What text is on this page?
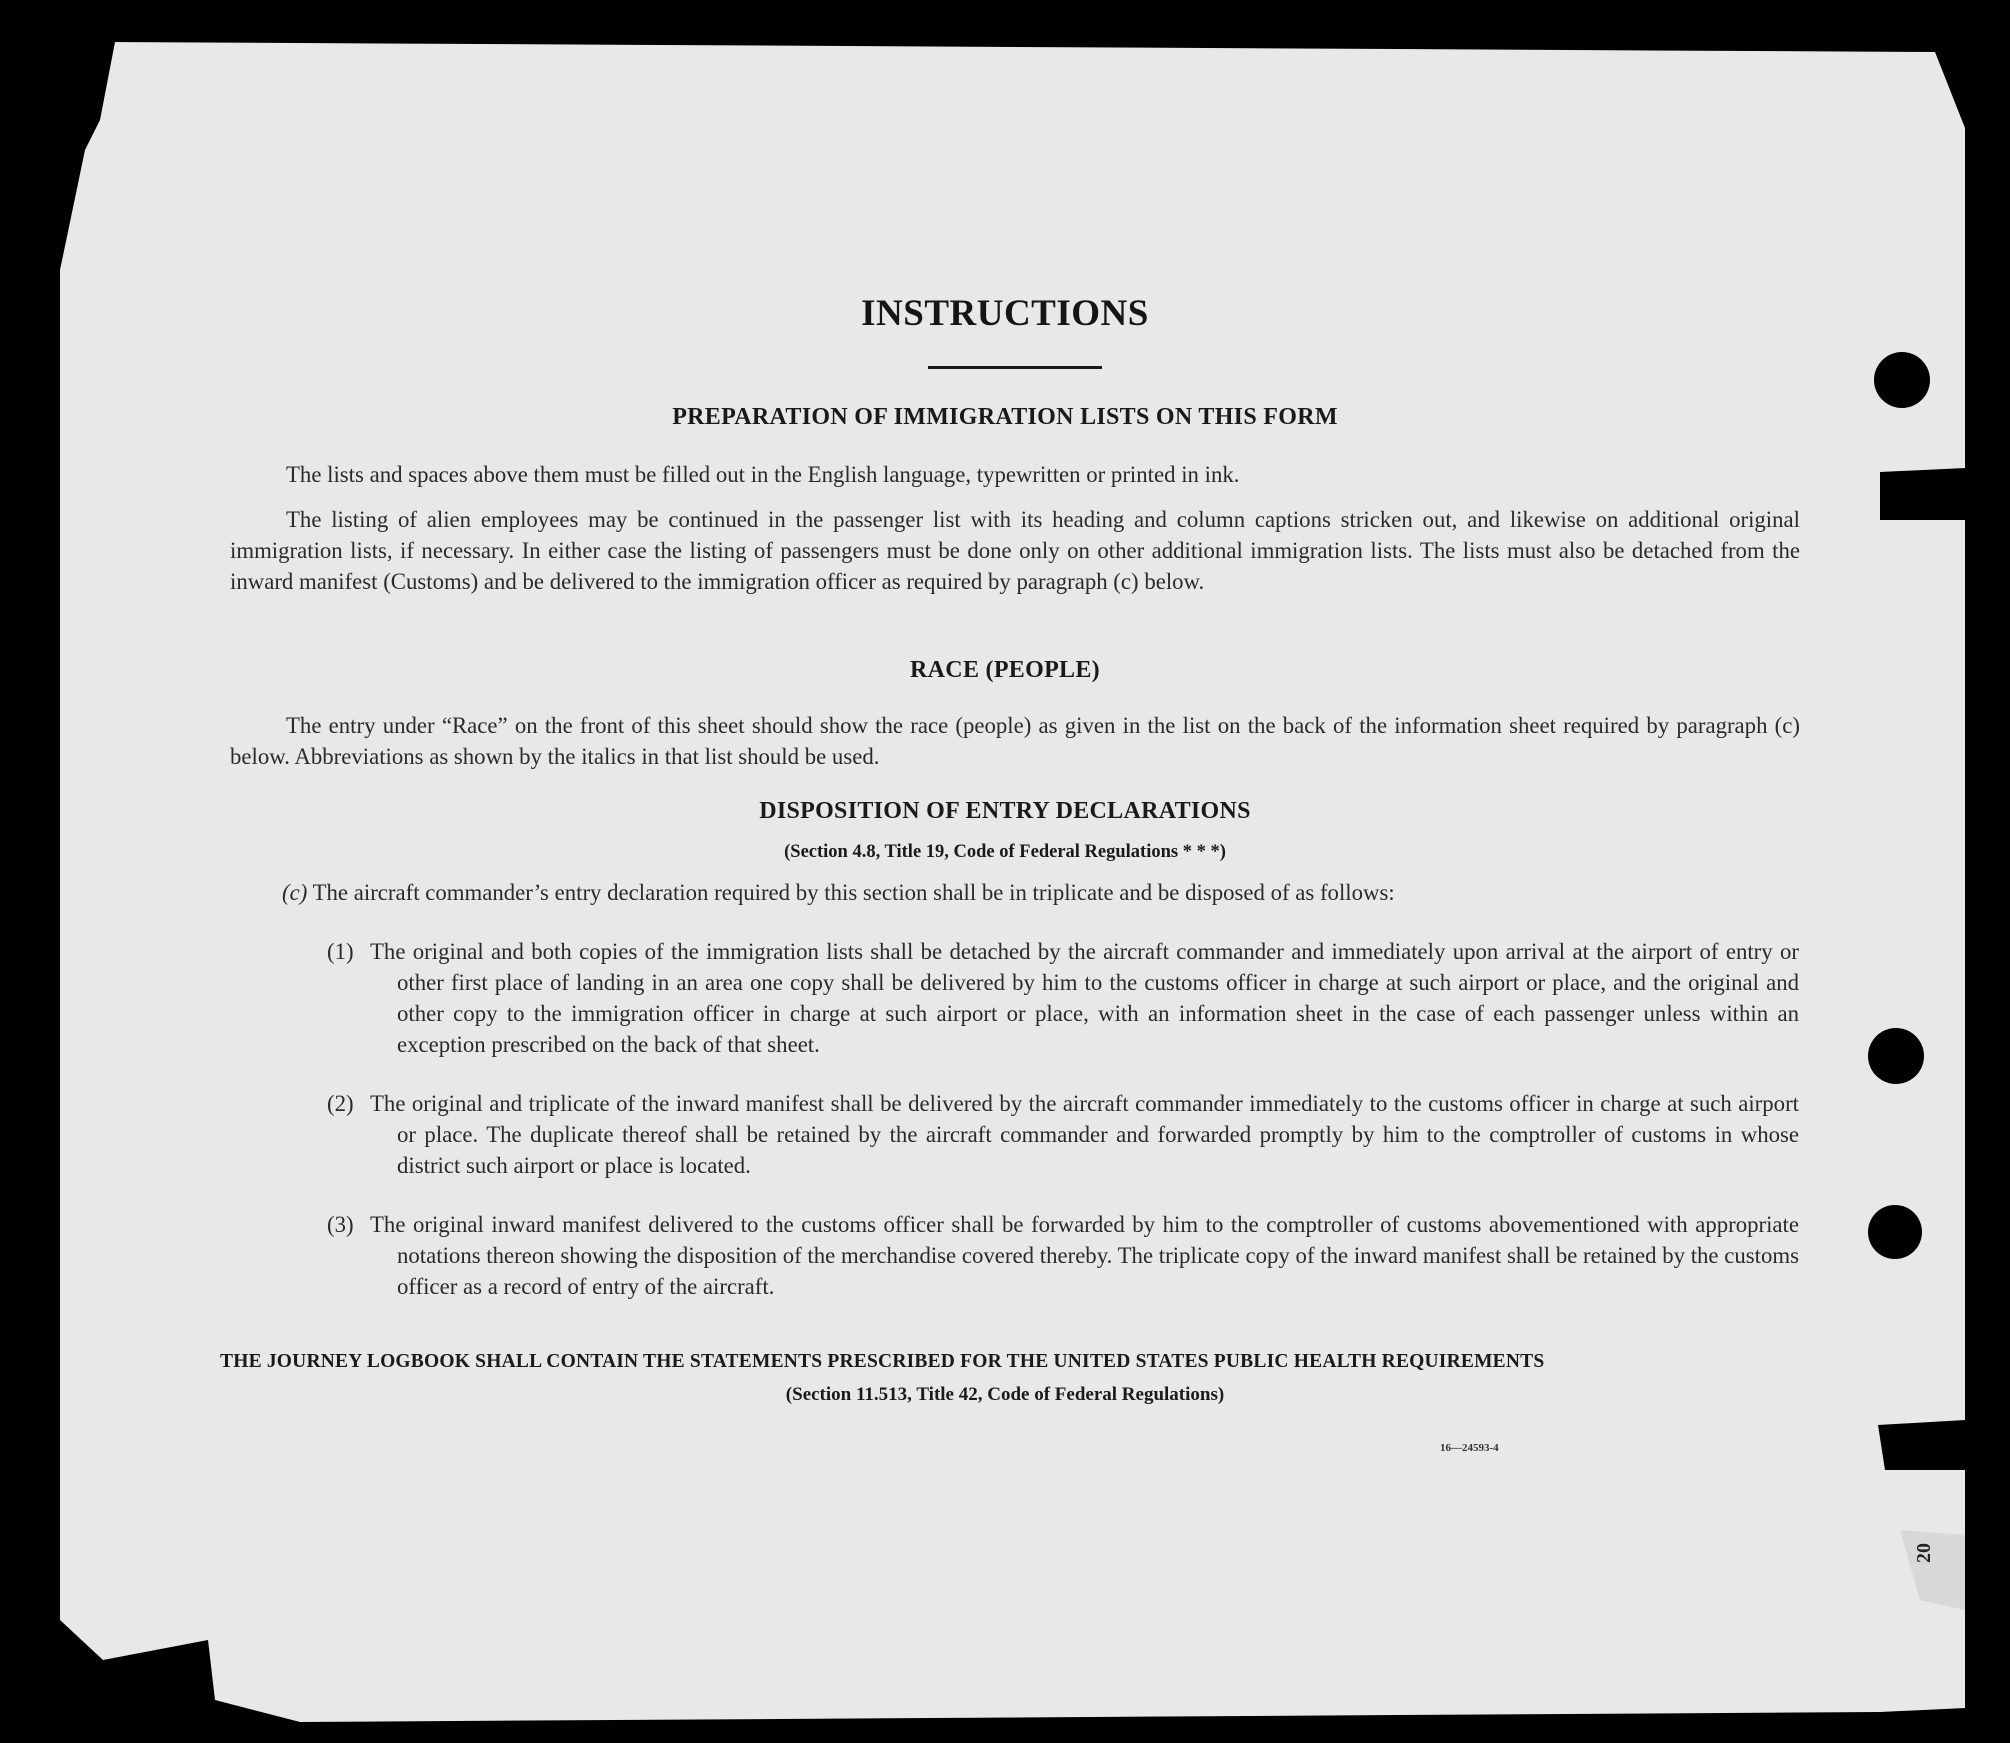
INSTRUCTIONS
PREPARATION OF IMMIGRATION LISTS ON THIS FORM
The lists and spaces above them must be filled out in the English language, typewritten or printed in ink.
The listing of alien employees may be continued in the passenger list with its heading and column captions stricken out, and likewise on additional original immigration lists, if necessary. In either case the listing of passengers must be done only on other additional immigration lists. The lists must also be detached from the inward manifest (Customs) and be delivered to the immigration officer as required by paragraph (c) below.
RACE (PEOPLE)
The entry under “Race” on the front of this sheet should show the race (people) as given in the list on the back of the information sheet required by paragraph (c) below. Abbreviations as shown by the italics in that list should be used.
DISPOSITION OF ENTRY DECLARATIONS
(Section 4.8, Title 19, Code of Federal Regulations * * *)
(c) The aircraft commander’s entry declaration required by this section shall be in triplicate and be disposed of as follows:
(1) The original and both copies of the immigration lists shall be detached by the aircraft commander and immediately upon arrival at the airport of entry or other first place of landing in an area one copy shall be delivered by him to the customs officer in charge at such airport or place, and the original and other copy to the immigration officer in charge at such airport or place, with an information sheet in the case of each passenger unless within an exception prescribed on the back of that sheet.
(2) The original and triplicate of the inward manifest shall be delivered by the aircraft commander immediately to the customs officer in charge at such airport or place. The duplicate thereof shall be retained by the aircraft commander and forwarded promptly by him to the comptroller of customs in whose district such airport or place is located.
(3) The original inward manifest delivered to the customs officer shall be forwarded by him to the comptroller of customs abovementioned with appropriate notations thereon showing the disposition of the merchandise covered thereby. The triplicate copy of the inward manifest shall be retained by the customs officer as a record of entry of the aircraft.
THE JOURNEY LOGBOOK SHALL CONTAIN THE STATEMENTS PRESCRIBED FOR THE UNITED STATES PUBLIC HEALTH REQUIREMENTS
(Section 11.513, Title 42, Code of Federal Regulations)
16—24593-4
20
